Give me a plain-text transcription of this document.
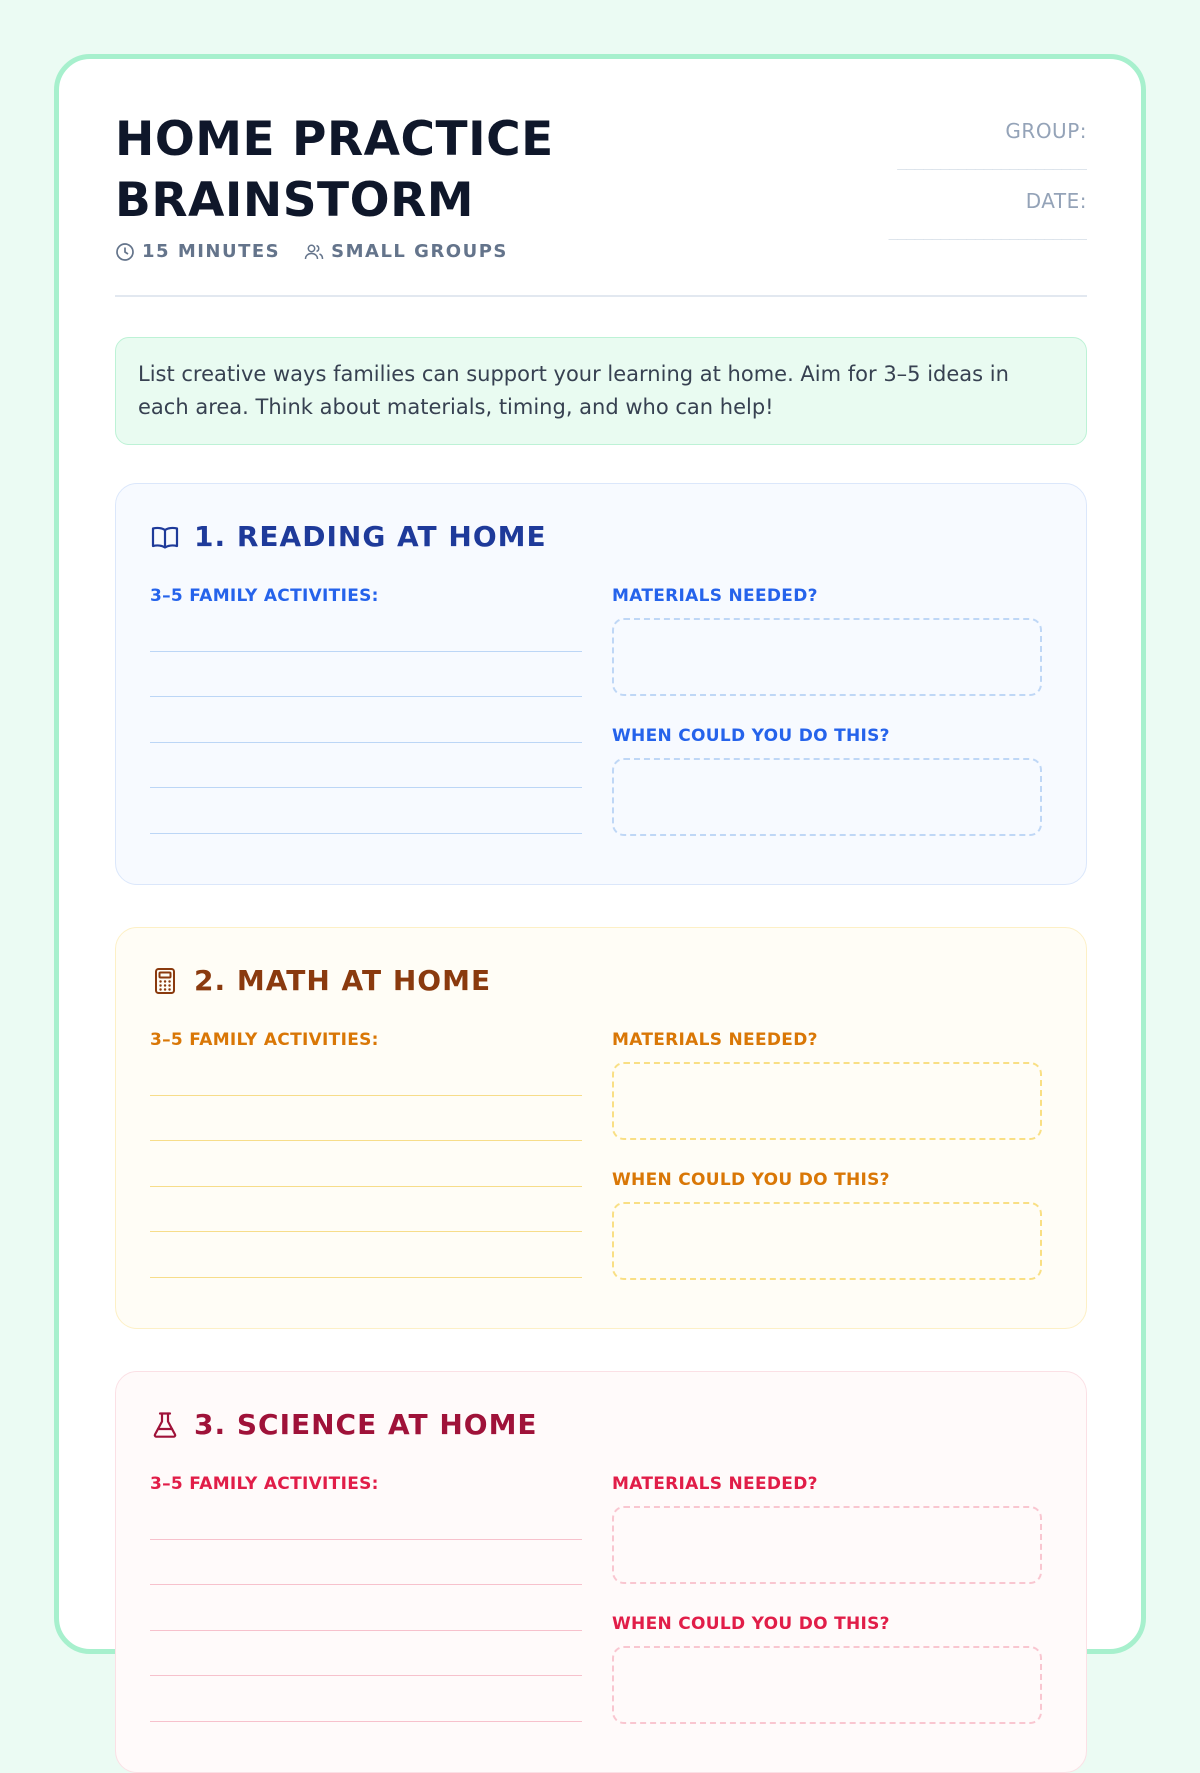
HOME PRACTICE
BRAINSTORM
15 MINUTES	SMALL GROUPS
GROUP:
______________________
DATE:
_______________________
List creative ways families can support your learning at home. Aim for 3–5 ideas in each area. Think about materials, timing, and who can help!
1. READING AT HOME
3–5 FAMILY ACTIVITIES:	MATERIALS NEEDED?
WHEN COULD YOU DO THIS?
2. MATH AT HOME
3–5 FAMILY ACTIVITIES:	MATERIALS NEEDED?
WHEN COULD YOU DO THIS?
3. SCIENCE AT HOME
3–5 FAMILY ACTIVITIES:	MATERIALS NEEDED?
WHEN COULD YOU DO THIS?
